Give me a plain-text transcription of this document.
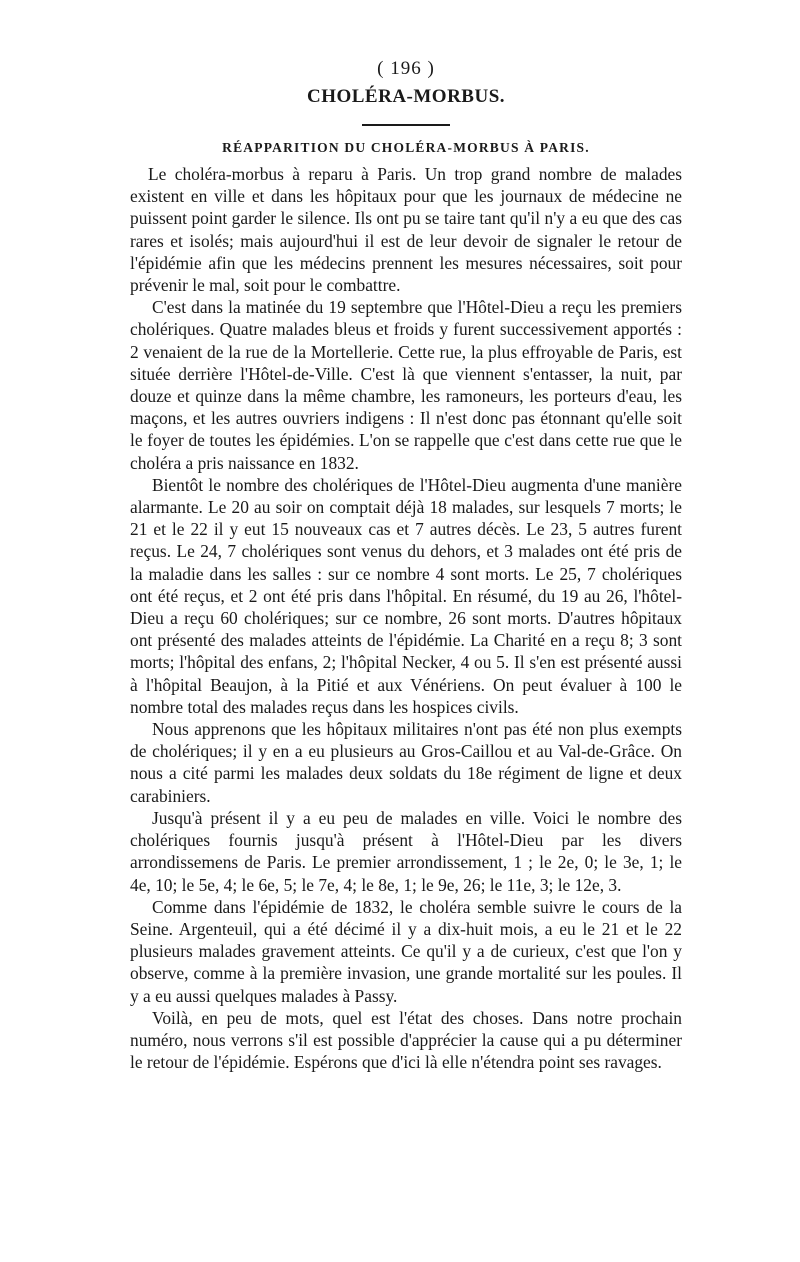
( 196 )
CHOLÉRA-MORBUS.
RÉAPPARITION DU CHOLÉRA-MORBUS À PARIS.

Le choléra-morbus à reparu à Paris. Un trop grand nombre de malades existent en ville et dans les hôpitaux pour que les journaux de médecine ne puissent point garder le silence. Ils ont pu se taire tant qu'il n'y a eu que des cas rares et isolés; mais aujourd'hui il est de leur devoir de signaler le retour de l'épidémie afin que les médecins prennent les mesures nécessaires, soit pour prévenir le mal, soit pour le combattre.

C'est dans la matinée du 19 septembre que l'Hôtel-Dieu a reçu les premiers cholériques. Quatre malades bleus et froids y furent successivement apportés : 2 venaient de la rue de la Mortellerie. Cette rue, la plus effroyable de Paris, est située derrière l'Hôtel-de-Ville. C'est là que viennent s'entasser, la nuit, par douze et quinze dans la même chambre, les ramoneurs, les porteurs d'eau, les maçons, et les autres ouvriers indigens : Il n'est donc pas étonnant qu'elle soit le foyer de toutes les épidémies. L'on se rappelle que c'est dans cette rue que le choléra a pris naissance en 1832.

Bientôt le nombre des cholériques de l'Hôtel-Dieu augmenta d'une manière alarmante. Le 20 au soir on comptait déjà 18 malades, sur lesquels 7 morts; le 21 et le 22 il y eut 15 nouveaux cas et 7 autres décès. Le 23, 5 autres furent reçus. Le 24, 7 cholériques sont venus du dehors, et 3 malades ont été pris de la maladie dans les salles : sur ce nombre 4 sont morts. Le 25, 7 cholériques ont été reçus, et 2 ont été pris dans l'hôpital. En résumé, du 19 au 26, l'hôtel-Dieu a reçu 60 cholériques; sur ce nombre, 26 sont morts. D'autres hôpitaux ont présenté des malades atteints de l'épidémie. La Charité en a reçu 8; 3 sont morts; l'hôpital des enfans, 2; l'hôpital Necker, 4 ou 5. Il s'en est présenté aussi à l'hôpital Beaujon, à la Pitié et aux Vénériens. On peut évaluer à 100 le nombre total des malades reçus dans les hospices civils.

Nous apprenons que les hôpitaux militaires n'ont pas été non plus exempts de cholériques; il y en a eu plusieurs au Gros-Caillou et au Val-de-Grâce. On nous a cité parmi les malades deux soldats du 18e régiment de ligne et deux carabiniers.

Jusqu'à présent il y a eu peu de malades en ville. Voici le nombre des cholériques fournis jusqu'à présent à l'Hôtel-Dieu par les divers arrondissemens de Paris. Le premier arrondissement, 1 ; le 2e, 0; le 3e, 1; le 4e, 10; le 5e, 4; le 6e, 5; le 7e, 4; le 8e, 1; le 9e, 26; le 11e, 3; le 12e, 3.

Comme dans l'épidémie de 1832, le choléra semble suivre le cours de la Seine. Argenteuil, qui a été décimé il y a dix-huit mois, a eu le 21 et le 22 plusieurs malades gravement atteints. Ce qu'il y a de curieux, c'est que l'on y observe, comme à la première invasion, une grande mortalité sur les poules. Il y a eu aussi quelques malades à Passy.

Voilà, en peu de mots, quel est l'état des choses. Dans notre prochain numéro, nous verrons s'il est possible d'apprécier la cause qui a pu déterminer le retour de l'épidémie. Espérons que d'ici là elle n'étendra point ses ravages.
